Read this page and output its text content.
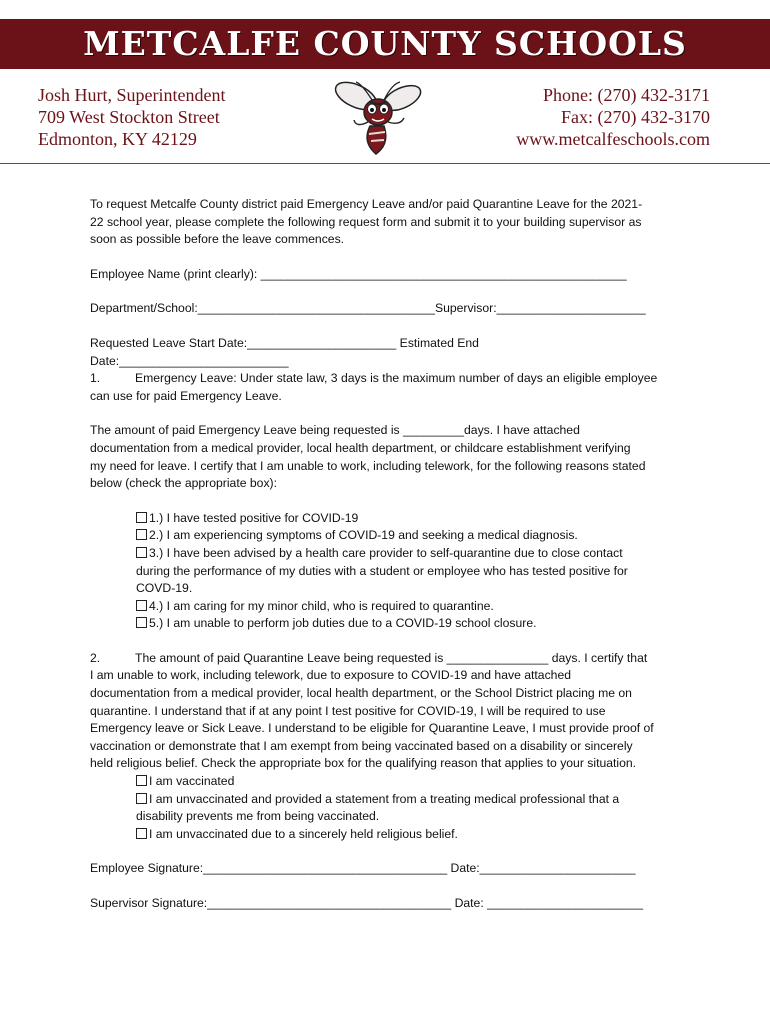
METCALFE COUNTY SCHOOLS
Josh Hurt, Superintendent
709 West Stockton Street
Edmonton, KY 42129
Phone: (270) 432-3171
Fax: (270) 432-3170
www.metcalfeschools.com
To request Metcalfe County district paid Emergency Leave and/or paid Quarantine Leave for the 2021-
22 school year, please complete the following request form and submit it to your building supervisor as
soon as possible before the leave commences.
Employee Name (print clearly): ______________________________________________________
Department/School:___________________________________Supervisor:______________________
Requested Leave Start Date:______________________ Estimated End Date:_________________________
1.	Emergency Leave: Under state law, 3 days is the maximum number of days an eligible employee
can use for paid Emergency Leave.
The amount of paid Emergency Leave being requested is _________days. I have attached
documentation from a medical provider, local health department, or childcare establishment verifying
my need for leave. I certify that I am unable to work, including telework, for the following reasons stated
below (check the appropriate box):
1.) I have tested positive for COVID-19
2.) I am experiencing symptoms of COVID-19 and seeking a medical diagnosis.
3.) I have been advised by a health care provider to self-quarantine due to close contact
during the performance of my duties with a student or employee who has tested positive for
COVD-19.
4.) I am caring for my minor child, who is required to quarantine.
5.) I am unable to perform job duties due to a COVID-19 school closure.
2.	The amount of paid Quarantine Leave being requested is _______________ days. I certify that
I am unable to work, including telework, due to exposure to COVID-19 and have attached
documentation from a medical provider, local health department, or the School District placing me on
quarantine. I understand that if at any point I test positive for COVID-19, I will be required to use
Emergency leave or Sick Leave. I understand to be eligible for Quarantine Leave, I must provide proof of
vaccination or demonstrate that I am exempt from being vaccinated based on a disability or sincerely
held religious belief. Check the appropriate box for the qualifying reason that applies to your situation.
I am vaccinated
I am unvaccinated and provided a statement from a treating medical professional that a
disability prevents me from being vaccinated.
I am unvaccinated due to a sincerely held religious belief.
Employee Signature:____________________________________ Date:_______________________
Supervisor Signature:____________________________________ Date: _______________________
